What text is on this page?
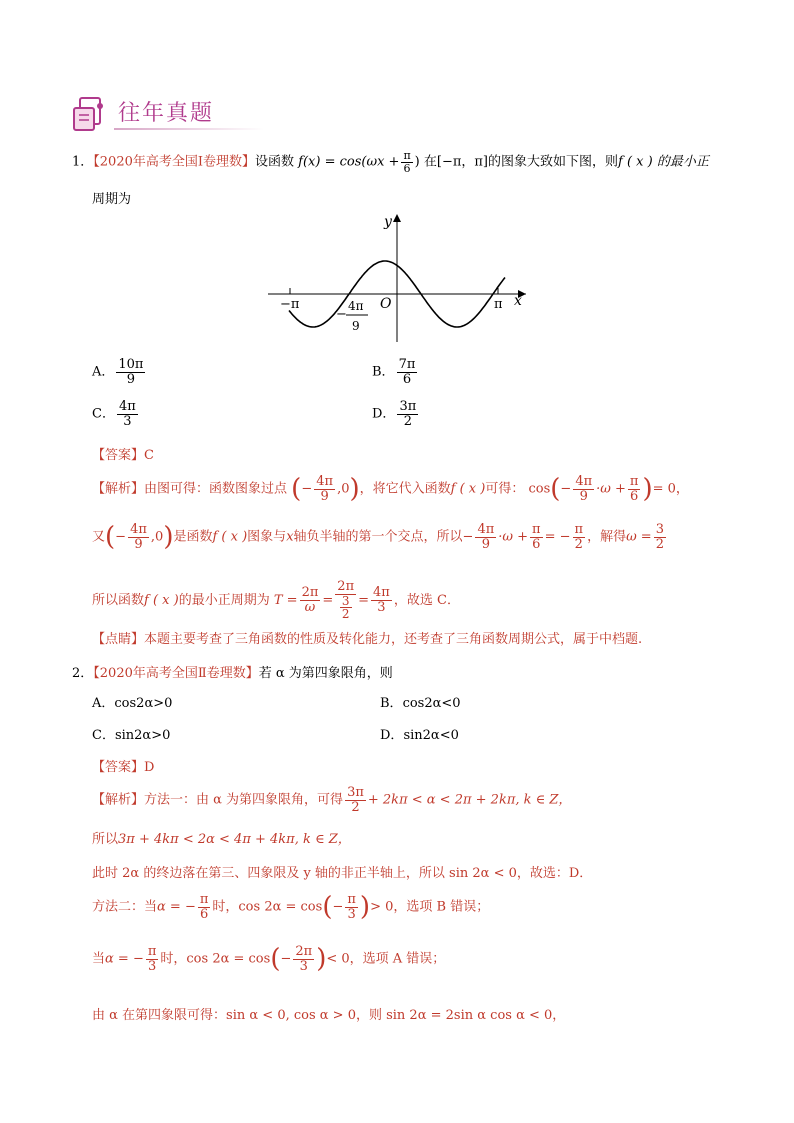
往年真题
1．【2020年高考全国Ⅰ卷理数】设函数 $f(x) = \cos(\omega x + \frac{\pi}{6}$ ) 在[−π，π]的图象大致如下图，则f ( x ) 的最小正
周期为
y
x
O
−π	π
−
4π
9
A． $\frac{10\pi}{9}$	B． $\frac{7\pi}{6}$
C． $\frac{4\pi}{3}$	D． $\frac{3\pi}{2}$
【答案】C
【解析】由图可得：函数图象过点 (− $\frac{4\pi}{9} ,0$)，将它代入函数f ( x )可得： $\cos(- \frac{4\pi}{9} \cdot\omega + \frac{\pi}{6}$ )= 0，
又(− $\frac{4\pi}{9} ,0$)是函数f ( x )图象与x轴负半轴的第一个交点，所以− $\frac{4\pi}{9} \cdot\omega + \frac{\pi}{6}$ = − $\frac{\pi}{2}$ ，解得$\omega = \frac{3}{2}$
所以函数f ( x )的最小正周期为 $T = \frac{2\pi}{\omega} = \frac{2\pi}{\frac{3}{2}} = \frac{4\pi}{3}$ ，故选 C．
【点睛】本题主要考查了三角函数的性质及转化能力，还考查了三角函数周期公式，属于中档题.
2．【2020年高考全国Ⅱ卷理数】若 α 为第四象限角，则
A．cos2α>0	B．cos2α<0
C．sin2α>0	D．sin2α<0
【答案】D
【解析】方法一：由 α 为第四象限角，可得 $\frac{3\pi}{2} + 2k\pi < \alpha < 2\pi + 2k\pi$, k ∈ Z，
所以3π + 4kπ < 2α < 4π + 4kπ, k ∈ Z，
此时 2α 的终边落在第三、四象限及 y 轴的非正半轴上，所以 sin 2α < 0，故选：D．
方法二：当α = − $\frac{\pi}{6}$ 时，$\cos 2\alpha = \cos(- \frac{\pi}{3}$ )> 0，选项 B 错误；
当α = − $\frac{\pi}{3}$ 时，$\cos 2\alpha = \cos(- \frac{2\pi}{3}$ )< 0，选项 A 错误；
由 α 在第四象限可得：sin α < 0, cos α > 0，则 sin 2α = 2sin α cos α < 0，
